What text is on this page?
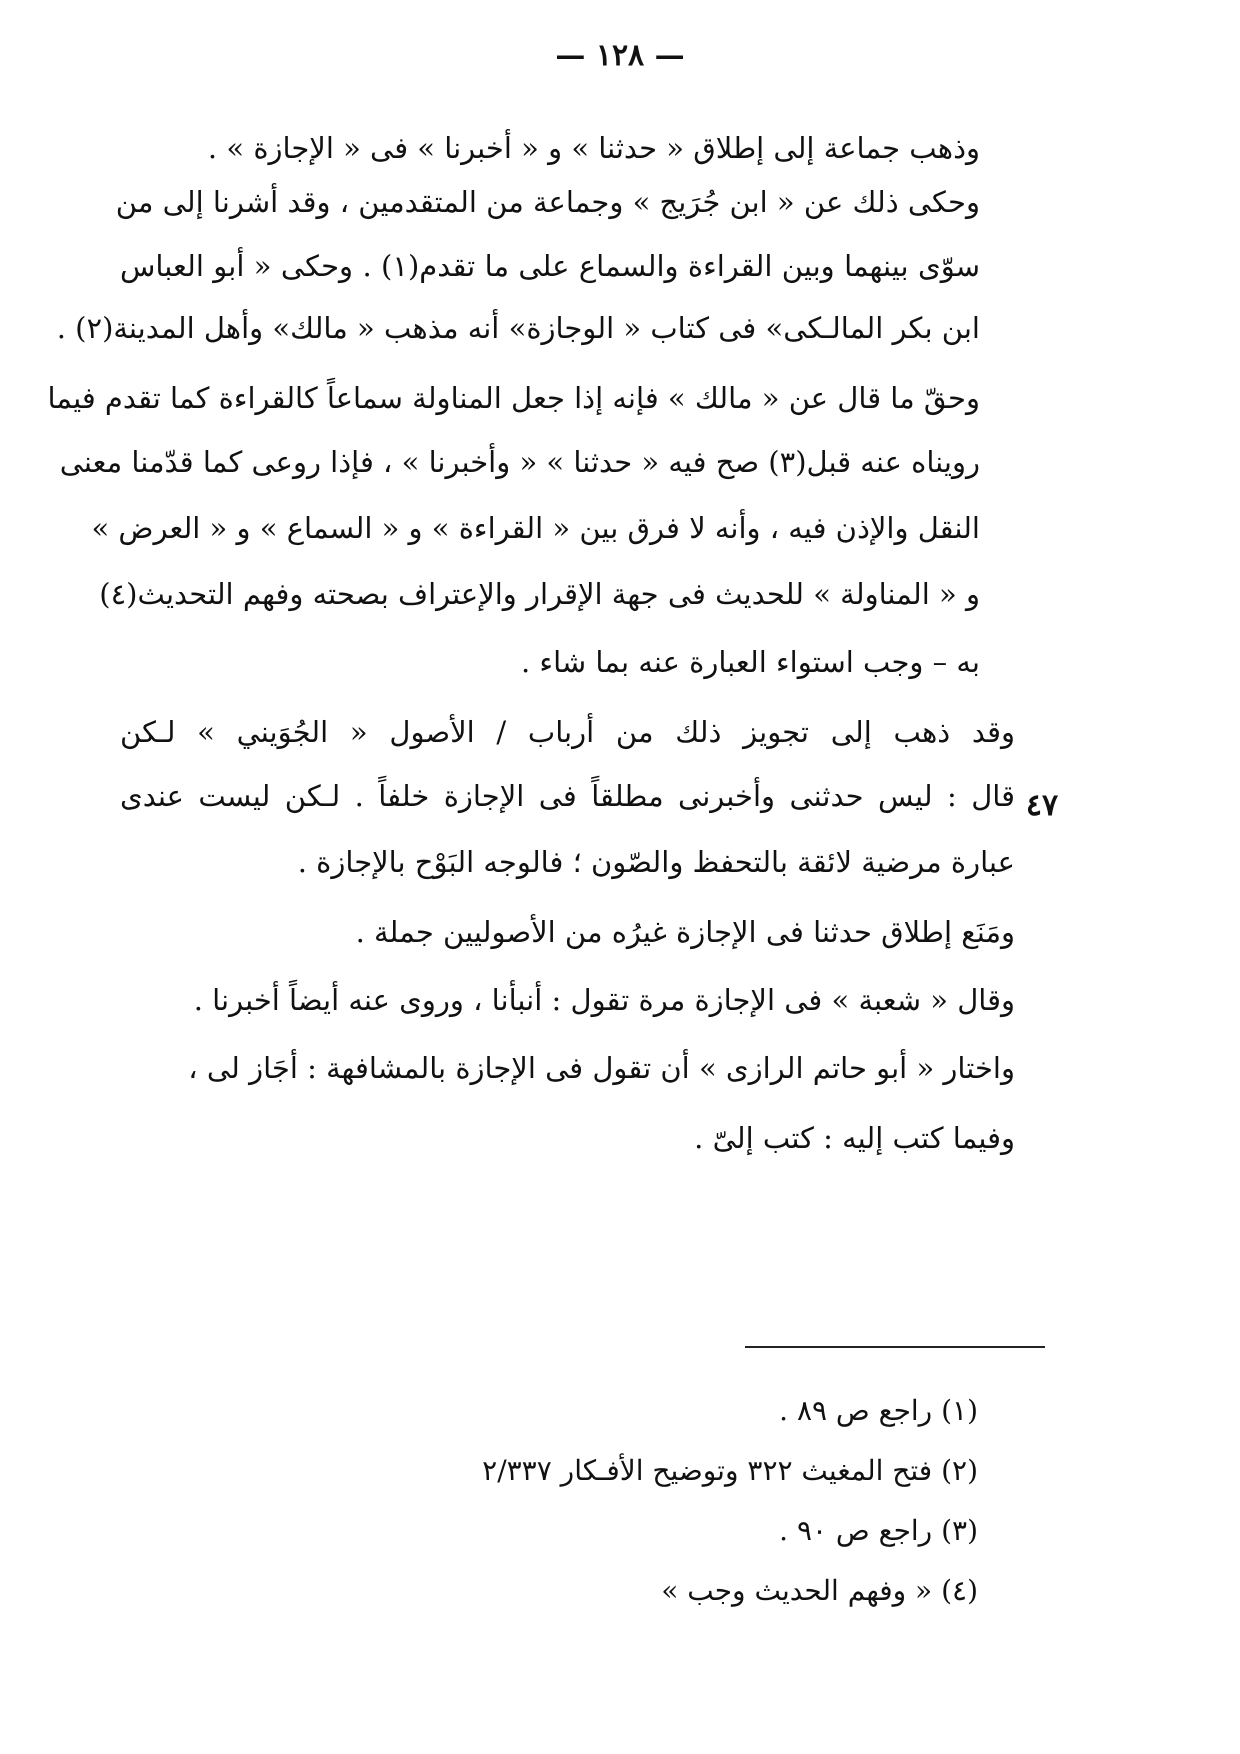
— ١٢٨ —
وذهب جماعة إلى إطلاق « حدثنا » و « أخبرنا » فى « الإجازة » .
وحكى ذلك عن « ابن جُرَيج » وجماعة من المتقدمين ، وقد أشرنا إلى من
سوّى بينهما وبين القراءة والسماع على ما تقدم(١) . وحكى « أبو العباس
ابن بكر المالـكى» فى كتاب « الوجازة» أنه مذهب « مالك» وأهل المدينة(٢) .
وحقّ ما قال عن « مالك » فإنه إذا جعل المناولة سماعاً كالقراءة كما تقدم فيما
رويناه عنه قبل(٣) صح فيه « حدثنا » « وأخبرنا » ، فإذا روعى كما قدّمنا معنى
النقل والإذن فيه ، وأنه لا فرق بين « القراءة » و « السماع » و « العرض »
و « المناولة » للحديث فى جهة الإقرار والإعتراف بصحته وفهم التحديث(٤)
به – وجب استواء العبارة عنه بما شاء .
٤٧
وقد ذهب إلى تجويز ذلك من أرباب / الأصول « الجُوَيني » لـكن
قال : ليس حدثنى وأخبرنى مطلقاً فى الإجازة خلفاً . لـكن ليست عندى
عبارة مرضية لائقة بالتحفظ والصّون ؛ فالوجه البَوْح بالإجازة .
ومَنَع إطلاق حدثنا فى الإجازة غيرُه من الأصوليين جملة .
وقال « شعبة » فى الإجازة مرة تقول : أنبأنا ، وروى عنه أيضاً أخبرنا .
واختار « أبو حاتم الرازى » أن تقول فى الإجازة بالمشافهة : أجَاز لى ،
وفيما كتب إليه : كتب إلىّ .
(١) راجع ص ٨٩ .
(٢) فتح المغيث ٣٢٢ وتوضيح الأفـكار ٢/٣٣٧
(٣) راجع ص ٩٠ .
(٤) « وفهم الحديث وجب »
